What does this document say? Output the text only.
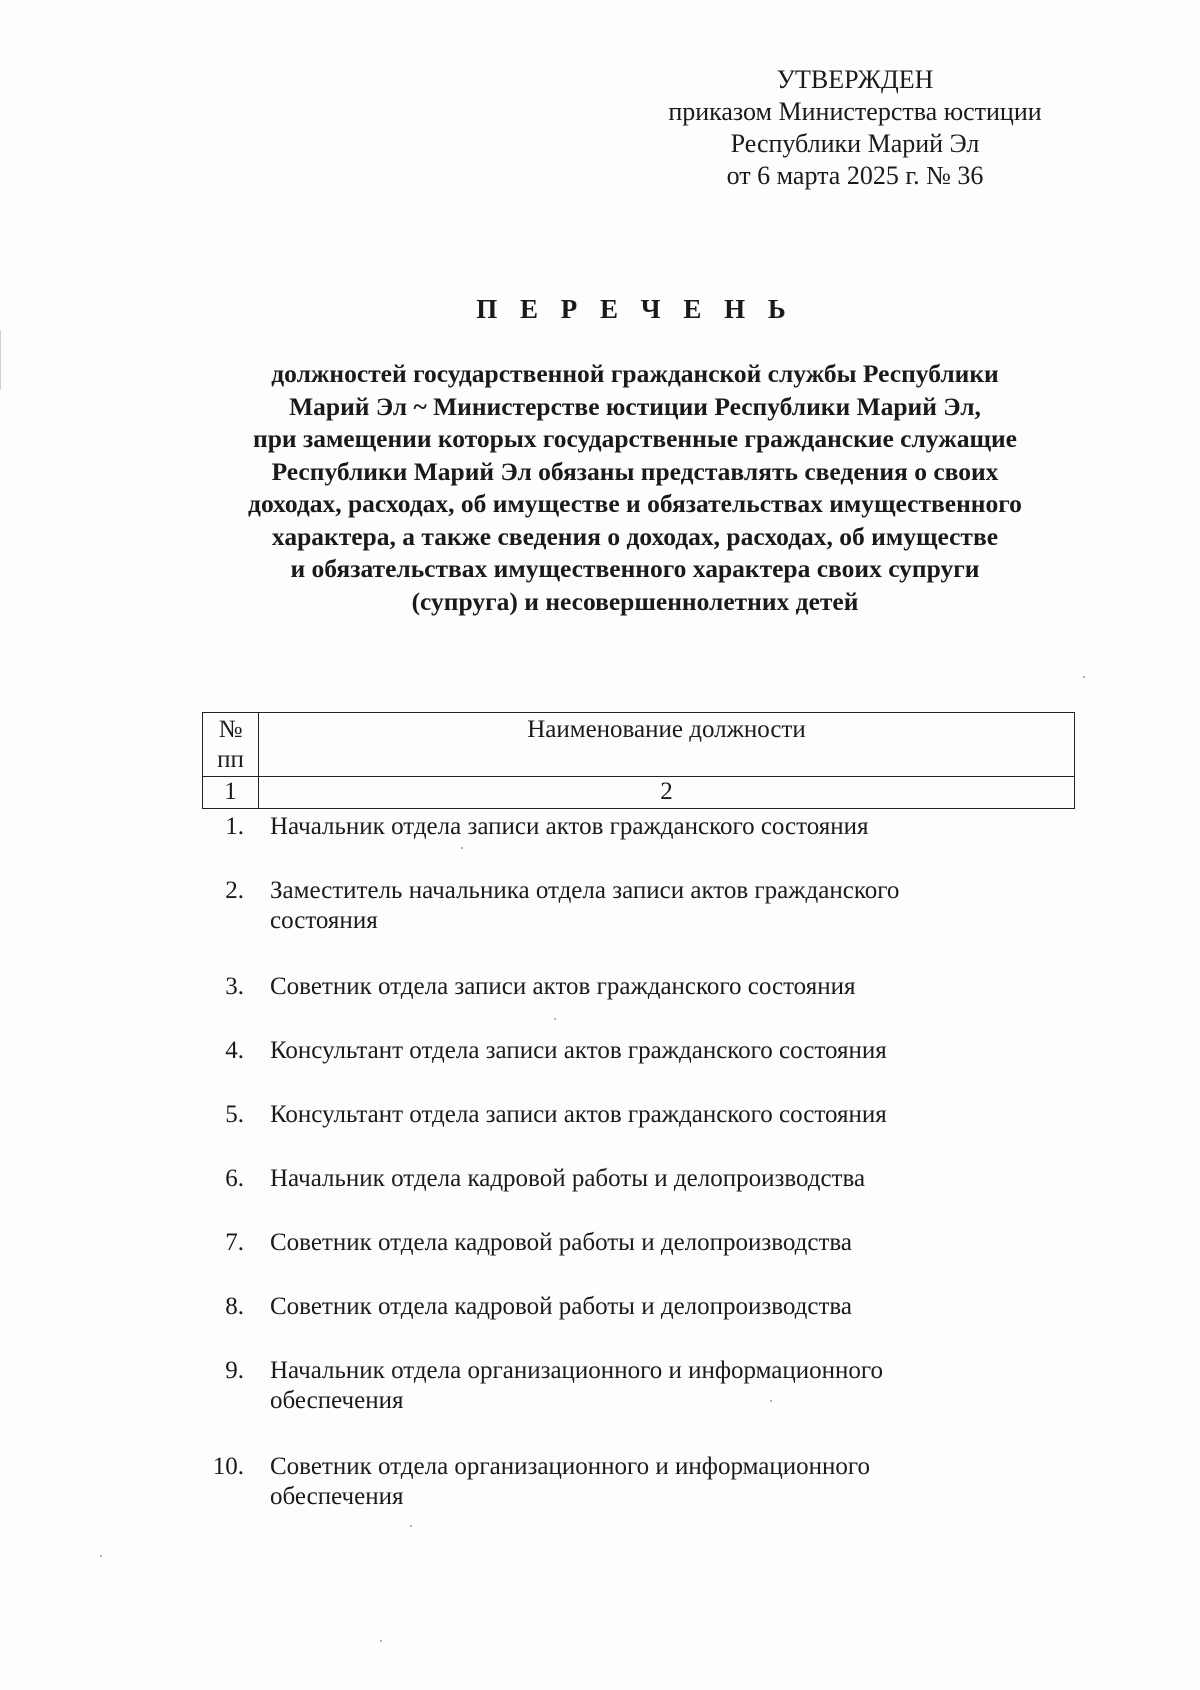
УТВЕРЖДЕН
приказом Министерства юстиции
Республики Марий Эл
от 6 марта 2025 г. № 36
П Е Р Е Ч Е Н Ь
должностей государственной гражданской службы Республики
Марий Эл ~ Министерстве юстиции Республики Марий Эл,
при замещении которых государственные гражданские служащие
Республики Марий Эл обязаны представлять сведения о своих
доходах, расходах, об имуществе и обязательствах имущественного
характера, а также сведения о доходах, расходах, об имуществе
и обязательствах имущественного характера своих супруги
(супруга) и несовершеннолетних детей
№ пп
Наименование должности
1	2
1. Начальник отдела записи актов гражданского состояния
2. Заместитель начальника отдела записи актов гражданского
состояния
3. Советник отдела записи актов гражданского состояния
4. Консультант отдела записи актов гражданского состояния
5. Консультант отдела записи актов гражданского состояния
6. Начальник отдела кадровой работы и делопроизводства
7. Советник отдела кадровой работы и делопроизводства
8. Советник отдела кадровой работы и делопроизводства
9. Начальник отдела организационного и информационного
обеспечения
10. Советник отдела организационного и информационного
обеспечения
